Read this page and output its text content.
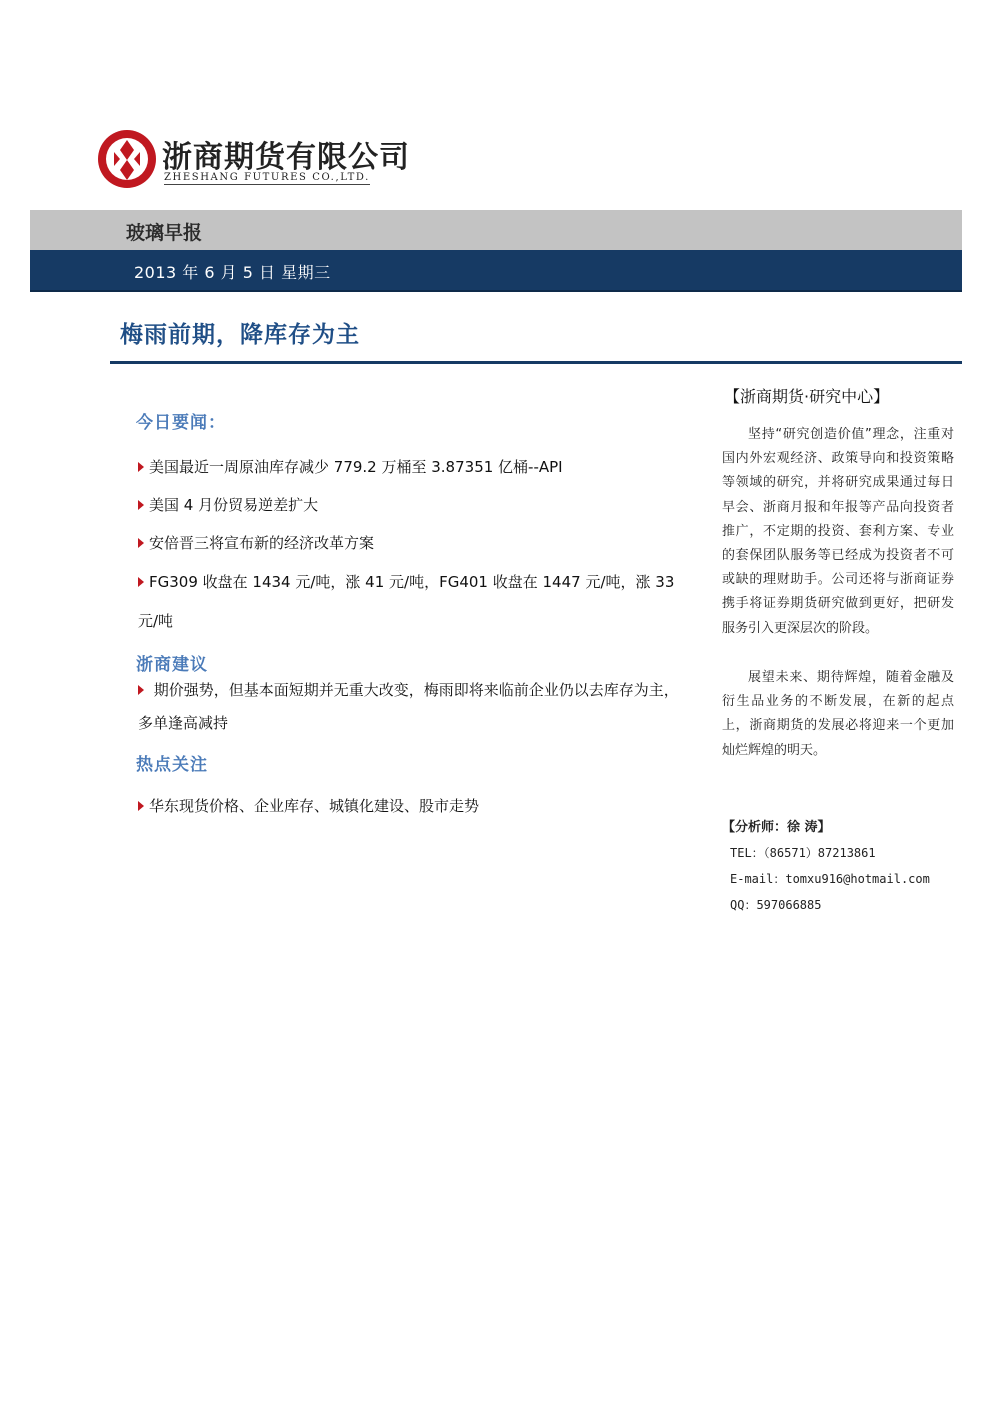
浙商期货有限公司
ZHESHANG FUTURES CO.,LTD.
玻璃早报
2013 年 6 月 5 日 星期三
梅雨前期，降库存为主
今日要闻：
美国最近一周原油库存减少 779.2 万桶至 3.87351 亿桶--API
美国 4 月份贸易逆差扩大
安倍晋三将宣布新的经济改革方案
FG309 收盘在 1434 元/吨，涨 41 元/吨，FG401 收盘在 1447 元/吨，涨 33 元/吨
浙商建议
期价强势，但基本面短期并无重大改变，梅雨即将来临前企业仍以去库存为主，多单逢高减持
热点关注
华东现货价格、企业库存、城镇化建设、股市走势
【浙商期货·研究中心】
坚持“研究创造价值”理念，注重对国内外宏观经济、政策导向和投资策略等领域的研究，并将研究成果通过每日早会、浙商月报和年报等产品向投资者推广，不定期的投资、套利方案、专业的套保团队服务等已经成为投资者不可或缺的理财助手。公司还将与浙商证券携手将证券期货研究做到更好，把研发服务引入更深层次的阶段。
展望未来、期待辉煌，随着金融及衍生品业务的不断发展，在新的起点上，浙商期货的发展必将迎来一个更加灿烂辉煌的明天。
【分析师：徐 涛】
TEL：（86571）87213861
E-mail：tomxu916@hotmail.com
QQ：597066885
